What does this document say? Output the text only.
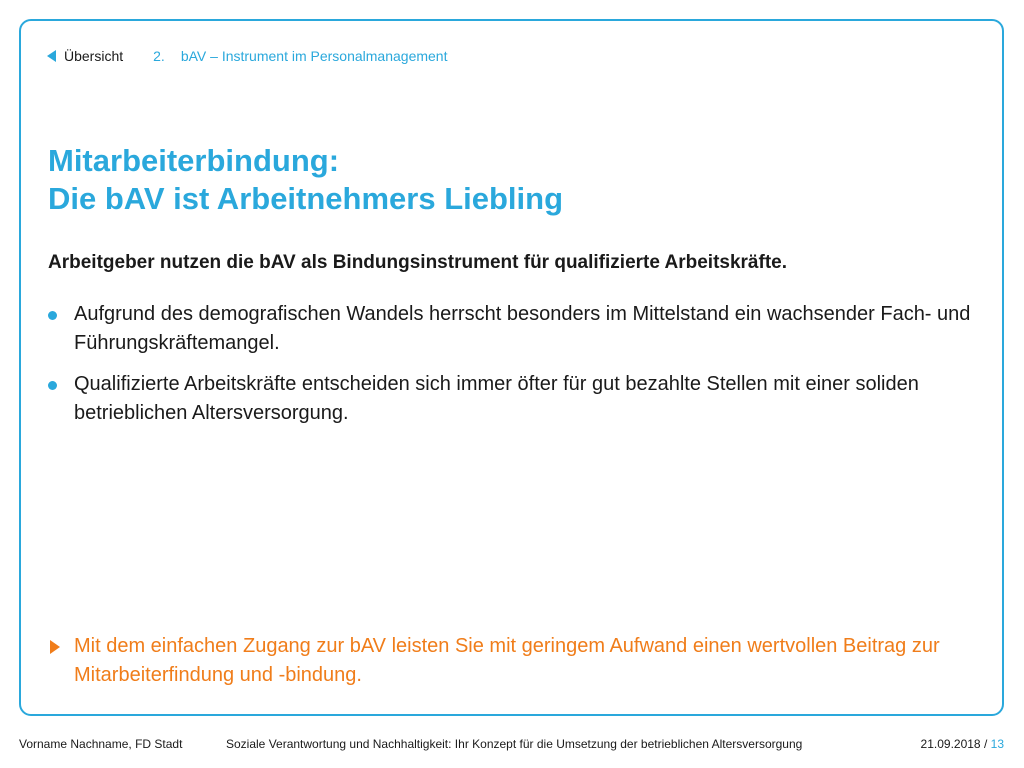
Übersicht 2. bAV – Instrument im Personalmanagement
Mitarbeiterbindung:
Die bAV ist Arbeitnehmers Liebling
Arbeitgeber nutzen die bAV als Bindungsinstrument für qualifizierte Arbeitskräfte.
Aufgrund des demografischen Wandels herrscht besonders im Mittelstand ein wachsender Fach- und Führungskräftemangel.
Qualifizierte Arbeitskräfte entscheiden sich immer öfter für gut bezahlte Stellen mit einer soliden betrieblichen Altersversorgung.
Mit dem einfachen Zugang zur bAV leisten Sie mit geringem Aufwand einen wertvollen Beitrag zur Mitarbeiterfindung und -bindung.
Vorname Nachname, FD Stadt	Soziale Verantwortung und Nachhaltigkeit: Ihr Konzept für die Umsetzung der betrieblichen Altersversorgung	21.09.2018 / 13
